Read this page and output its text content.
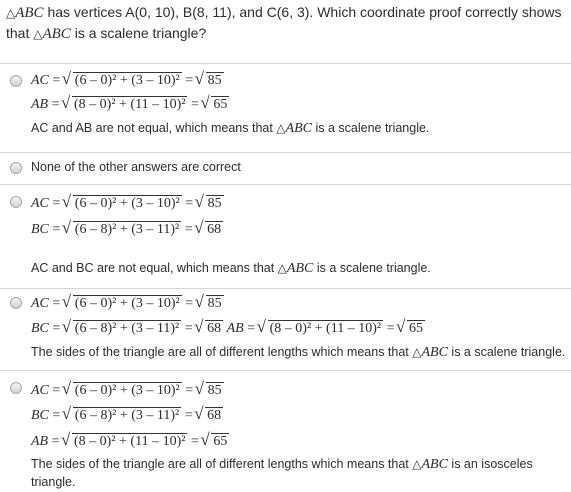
△ABC has vertices A(0, 10), B(8, 11), and C(6, 3). Which coordinate proof correctly shows that △ABC is a scalene triangle?
AC = √ (6 – 0)² + (3 – 10)² = √ 85
AB = √ (8 – 0)² + (11 – 10)² = √ 65
AC and AB are not equal, which means that △ABC is a scalene triangle.
None of the other answers are correct
AC = √ (6 – 0)² + (3 – 10)² = √ 85
BC = √ (6 – 8)² + (3 – 11)² = √ 68
AC and BC are not equal, which means that △ABC is a scalene triangle.
AC = √ (6 – 0)² + (3 – 10)² = √ 85
BC = √ (6 – 8)² + (3 – 11)² = √ 68 AB = √ (8 – 0)² + (11 – 10)² = √ 65
The sides of the triangle are all of different lengths which means that △ABC is a scalene triangle.
AC = √ (6 – 0)² + (3 – 10)² = √ 85
BC = √ (6 – 8)² + (3 – 11)² = √ 68
AB = √ (8 – 0)² + (11 – 10)² = √ 65
The sides of the triangle are all of different lengths which means that △ABC is an isosceles
triangle.
